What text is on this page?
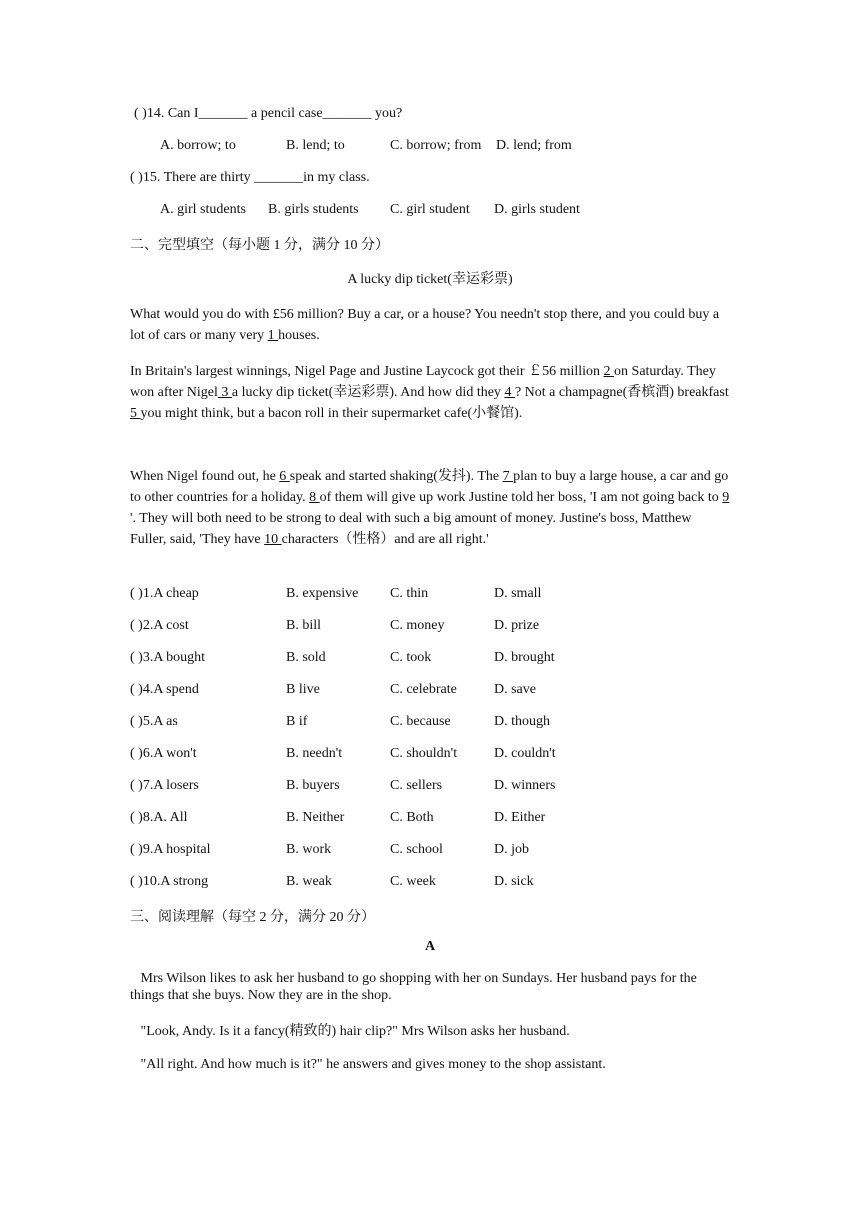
( )14. Can I_______ a pencil case_______ you?
A. borrow; to	B. lend; to	C. borrow; from D. lend; from
( )15. There are thirty _______in my class.
A. girl students B. girls students C. girl student D. girls student
二、完型填空（每小题 1 分，满分 10 分）
A lucky dip ticket(幸运彩票)

What would you do with £56 million? Buy a car, or a house? You needn't stop there, and you could buy a lot of cars or many very 1 houses.

In Britain's largest winnings, Nigel Page and Justine Laycock got their ￡56 million 2 on Saturday. They won after Nigel 3 a lucky dip ticket(幸运彩票). And how did they 4 ? Not a champagne(香槟酒) breakfast 5 you might think, but a bacon roll in their supermarket cafe(小餐馆).

When Nigel found out, he 6 speak and started shaking(发抖). The 7 plan to buy a large house, a car and go to other countries for a holiday. 8 of them will give up work Justine told her boss, 'I am not going back to 9 '. They will both need to be strong to deal with such a big amount of money. Justine's boss, Matthew Fuller, said, 'They have 10 characters（性格）and are all right.'

( )1.A cheap	B. expensive C. thin	D. small
( )2.A cost	B. bill	C. money	D. prize
( )3.A bought	B. sold	C. took	D. brought
( )4.A spend	B live	C. celebrate	D. save
( )5.A as	B if	C. because	D. though
( )6.A won't	B. needn't	C. shouldn't	D. couldn't
( )7.A losers	B. buyers	C. sellers	D. winners
( )8.A. All	B. Neither	C. Both	D. Either
( )9.A hospital	B. work	C. school	D. job
( )10.A strong	B. weak	C. week	D. sick
三、阅读理解（每空 2 分，满分 20 分）
A
Mrs Wilson likes to ask her husband to go shopping with her on Sundays. Her husband pays for the things that she buys. Now they are in the shop.
"Look, Andy. Is it a fancy(精致的) hair clip?" Mrs Wilson asks her husband.
"All right. And how much is it?" he answers and gives money to the shop assistant.
